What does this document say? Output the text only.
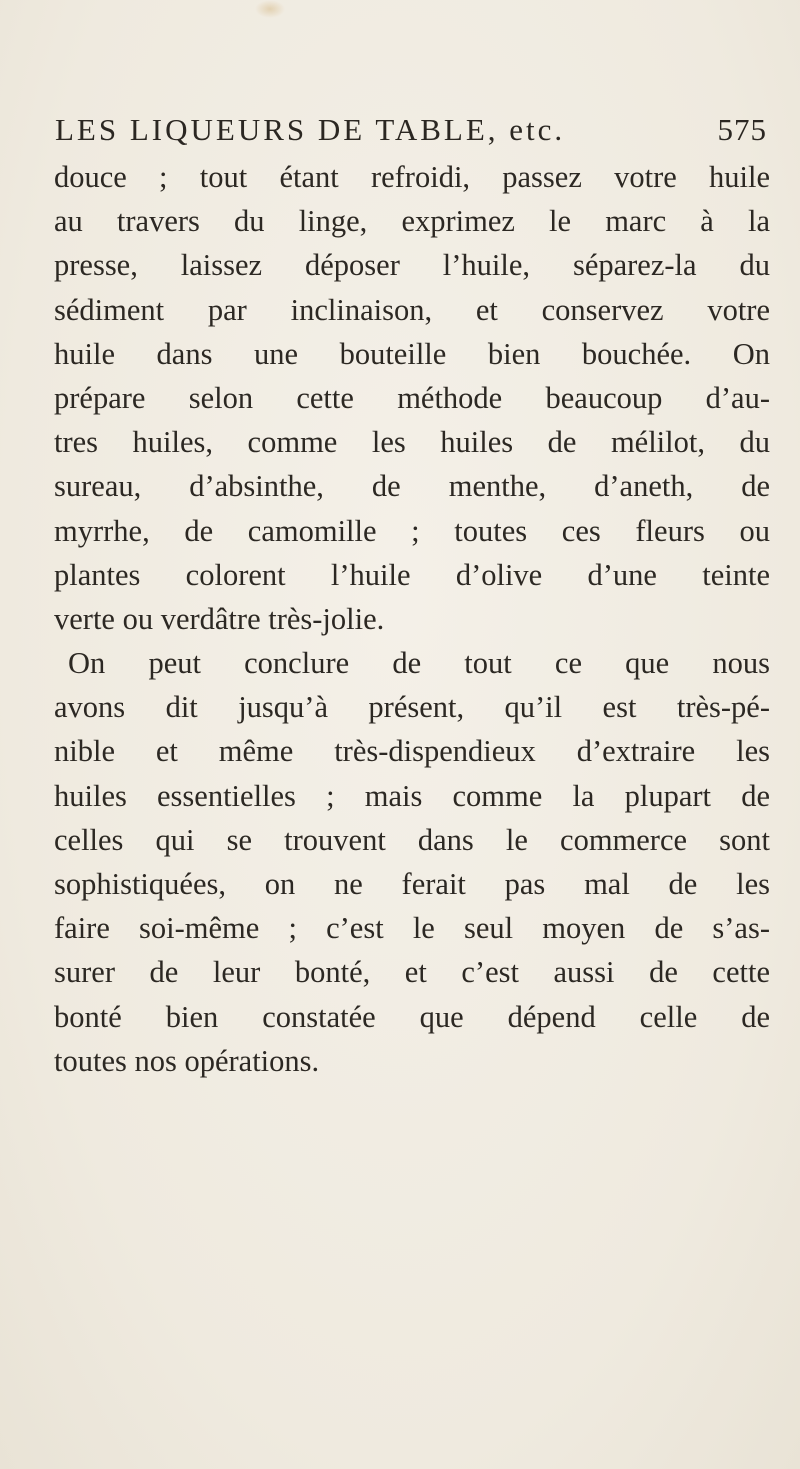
LES LIQUEURS DE TABLE, etc.	575
douce ; tout étant refroidi, passez votre huile
au travers du linge, exprimez le marc à la
presse, laissez déposer l’huile, séparez-la du
sédiment par inclinaison, et conservez votre
huile dans une bouteille bien bouchée. On
prépare selon cette méthode beaucoup d’au-
tres huiles, comme les huiles de mélilot, du
sureau, d’absinthe, de menthe, d’aneth, de
myrrhe, de camomille ; toutes ces fleurs ou
plantes colorent l’huile d’olive d’une teinte
verte ou verdâtre très-jolie.
On peut conclure de tout ce que nous
avons dit jusqu’à présent, qu’il est très-pé-
nible et même très-dispendieux d’extraire les
huiles essentielles ; mais comme la plupart de
celles qui se trouvent dans le commerce sont
sophistiquées, on ne ferait pas mal de les
faire soi-même ; c’est le seul moyen de s’as-
surer de leur bonté, et c’est aussi de cette
bonté bien constatée que dépend celle de
toutes nos opérations.
